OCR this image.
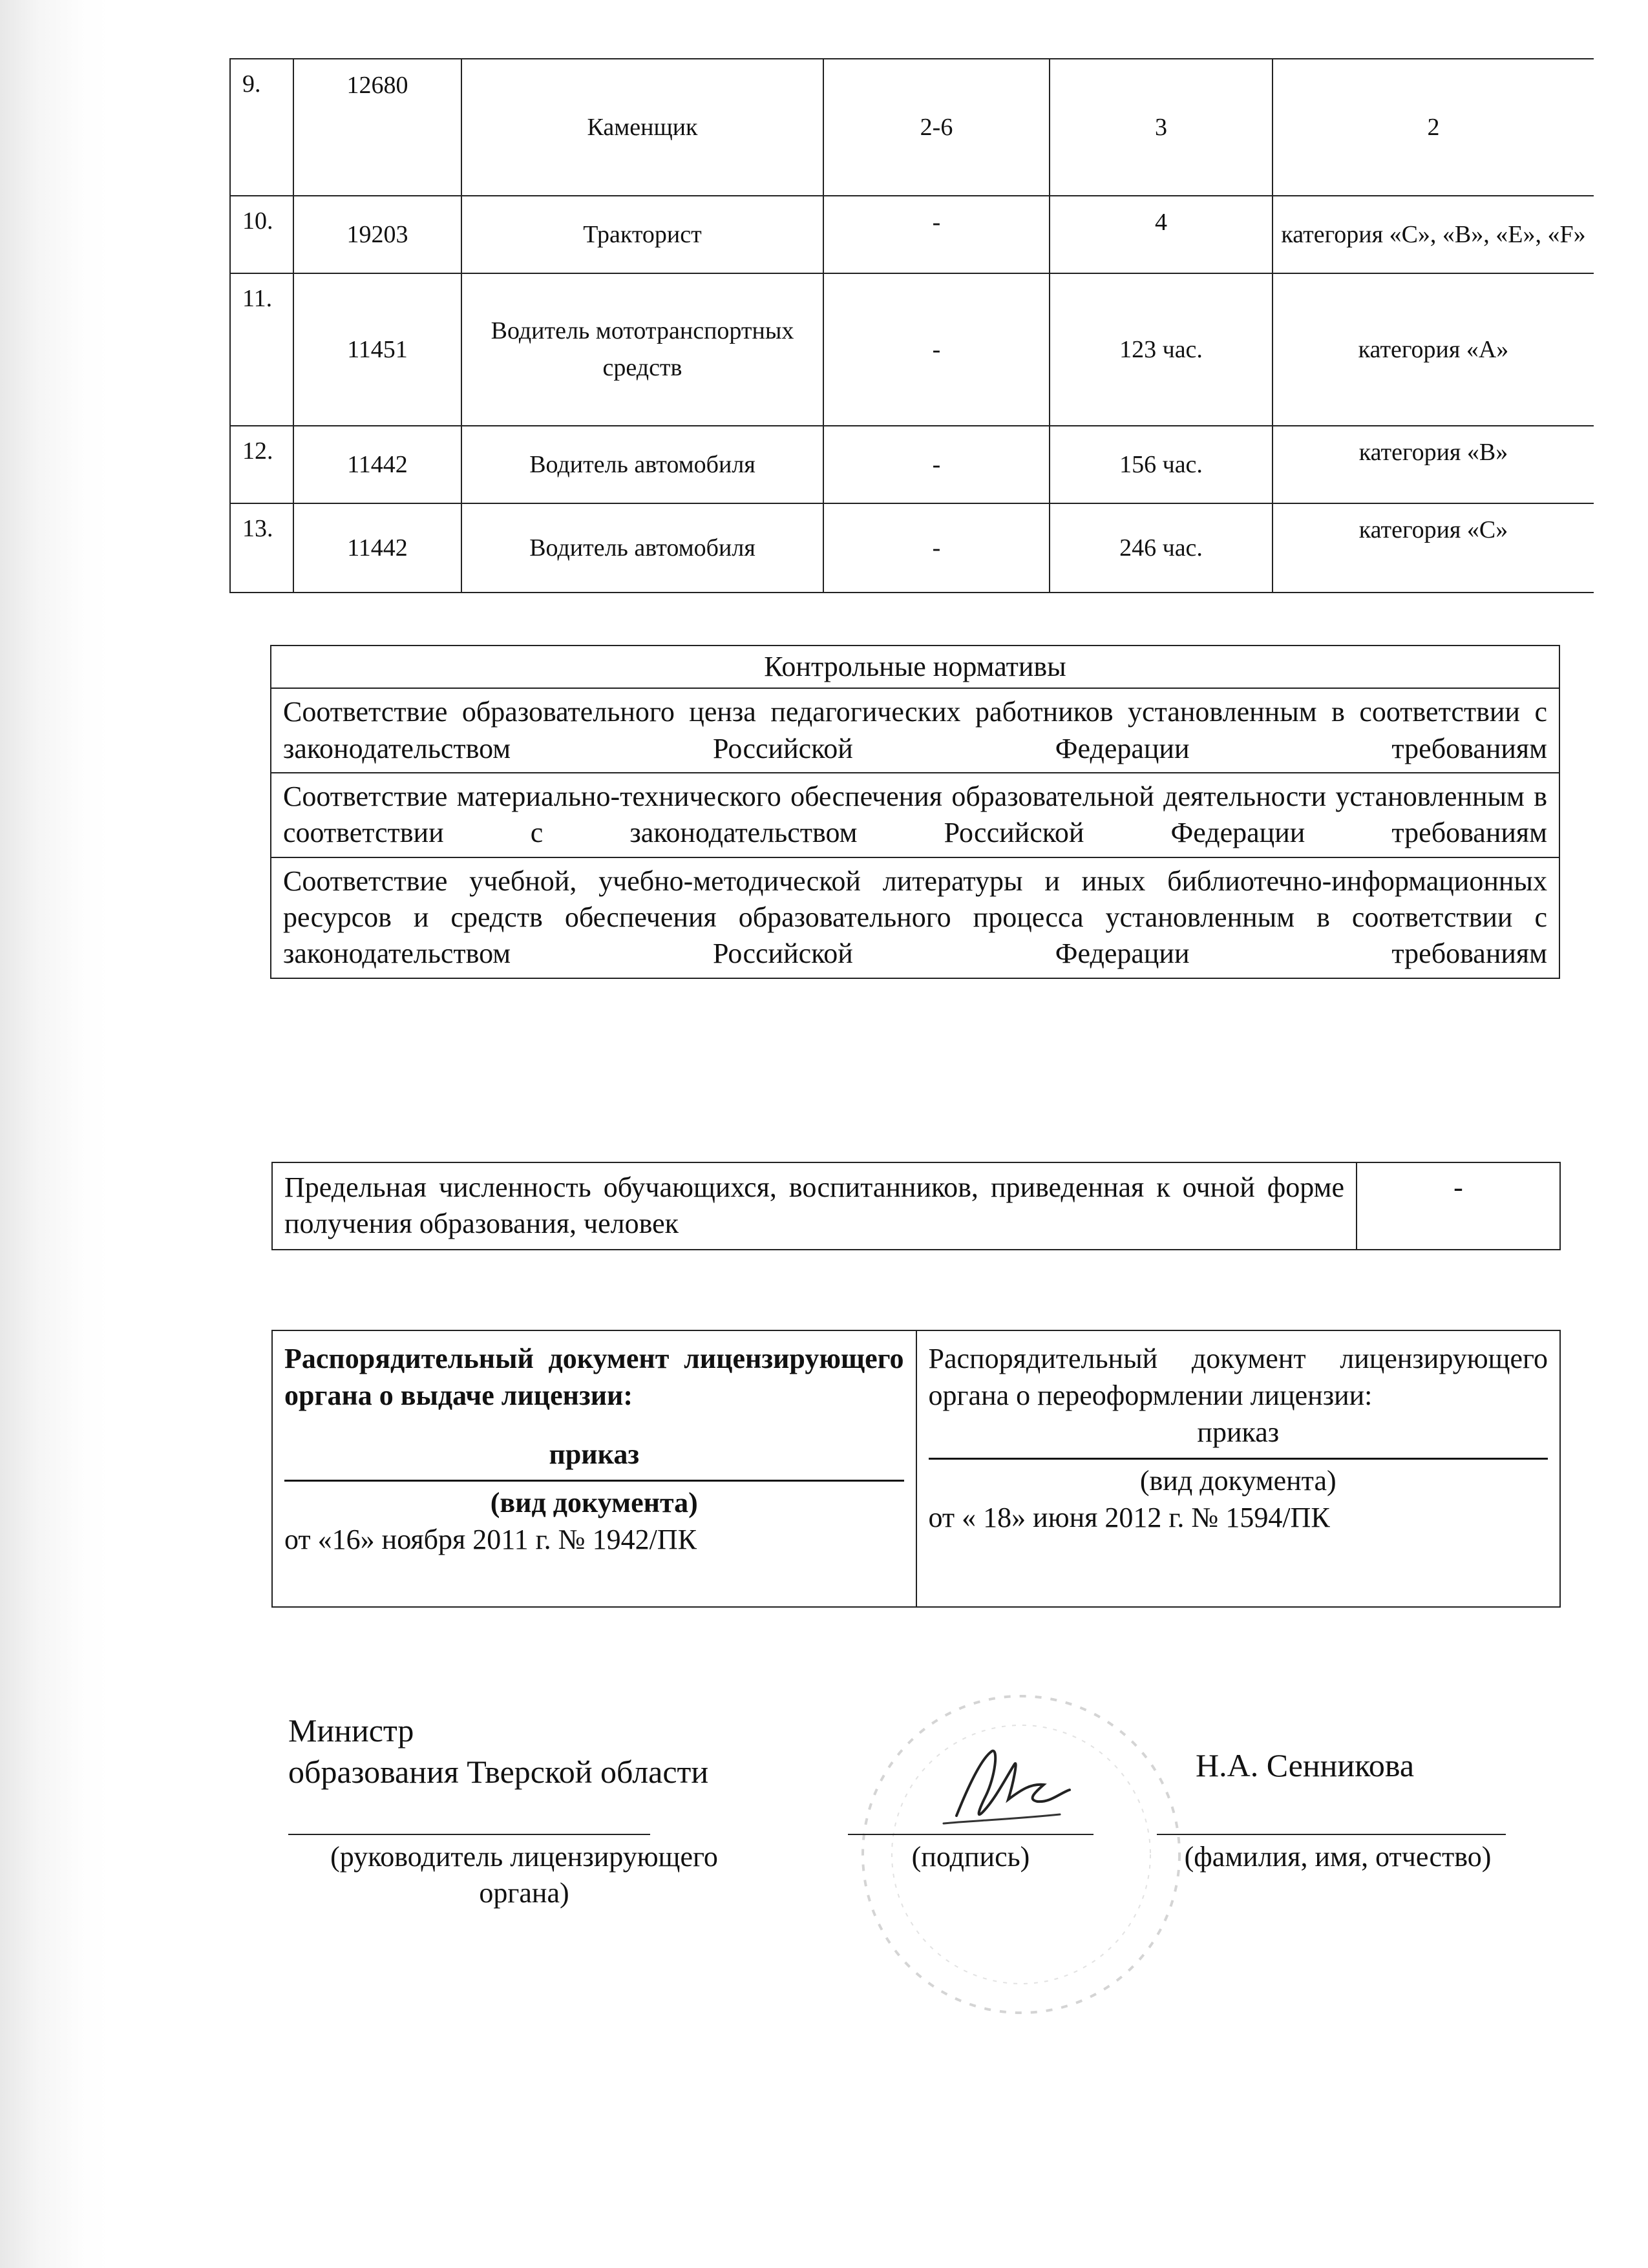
9.	12680	Каменщик	2-6	3	2
10.	19203	Тракторист	-	4	категория «С», «В», «Е», «F»
11.	11451	Водитель мототранспортных средств	-	123 час.	категория «А»
12.	11442	Водитель автомобиля	-	156 час.	категория «В»
13.	11442	Водитель автомобиля	-	246 час.	категория «С»
Контрольные нормативы
Соответствие образовательного ценза педагогических работников установленным в соответствии с законодательством Российской Федерации требованиям
Соответствие материально-технического обеспечения образовательной деятельности установленным в соответствии с законодательством Российской Федерации требованиям
Соответствие учебной, учебно-методической литературы и иных библиотечно-информационных ресурсов и средств обеспечения образовательного процесса установленным в соответствии с законодательством Российской Федерации требованиям
Предельная численность обучающихся, воспитанников, приведенная к очной форме получения образования, человек	-
Распорядительный документ лицензирующего органа о выдаче лицензии:
приказ
(вид документа)
от «16» ноября 2011 г. № 1942/ПК

Распорядительный документ лицензирующего органа о переоформлении лицензии:
приказ
(вид документа)
от « 18» июня 2012 г. № 1594/ПК
Министр
образования Тверской области
(руководитель лицензирующего
органа)
(подпись)
Н.А. Сенникова
(фамилия, имя, отчество)
